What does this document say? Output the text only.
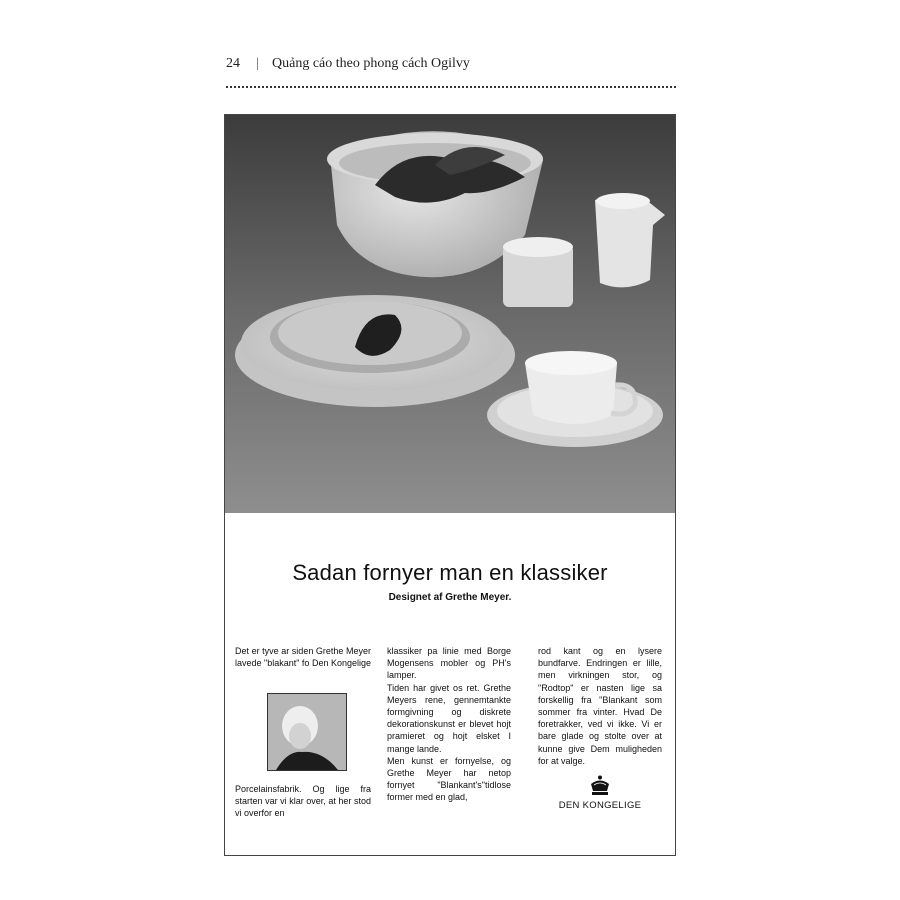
24 | Quảng cáo theo phong cách Ogilvy
Sadan fornyer man en klassiker
Designet af Grethe Meyer.

Det er tyve ar siden Grethe Meyer lavede "blakant" fo Den Kongelige

Porcelainsfabrik. Og lige fra starten var vi klar over, at her stod vi overfor en

klassiker pa linie med Borge Mogensens mobler og PH's lamper.

Tiden har givet os ret. Grethe Meyers rene, gennemtankte formgivning og diskrete dekorationskunst er blevet hojt pramieret og hojt elsket I mange lande.

Men kunst er fornyelse, og Grethe Meyer har netop fornyet "Blankant's"tidlose former med en glad,

rod kant og en lysere bundfarve. Endringen er lille, men virkningen stor, og "Rodtop" er nasten lige sa forskellig fra "Blankant som sommer fra vinter. Hvad De foretrakker, ved vi ikke. Vi er bare glade og stolte over at kunne give Dem muligheden for at valge.

DEN KONGELIGE
